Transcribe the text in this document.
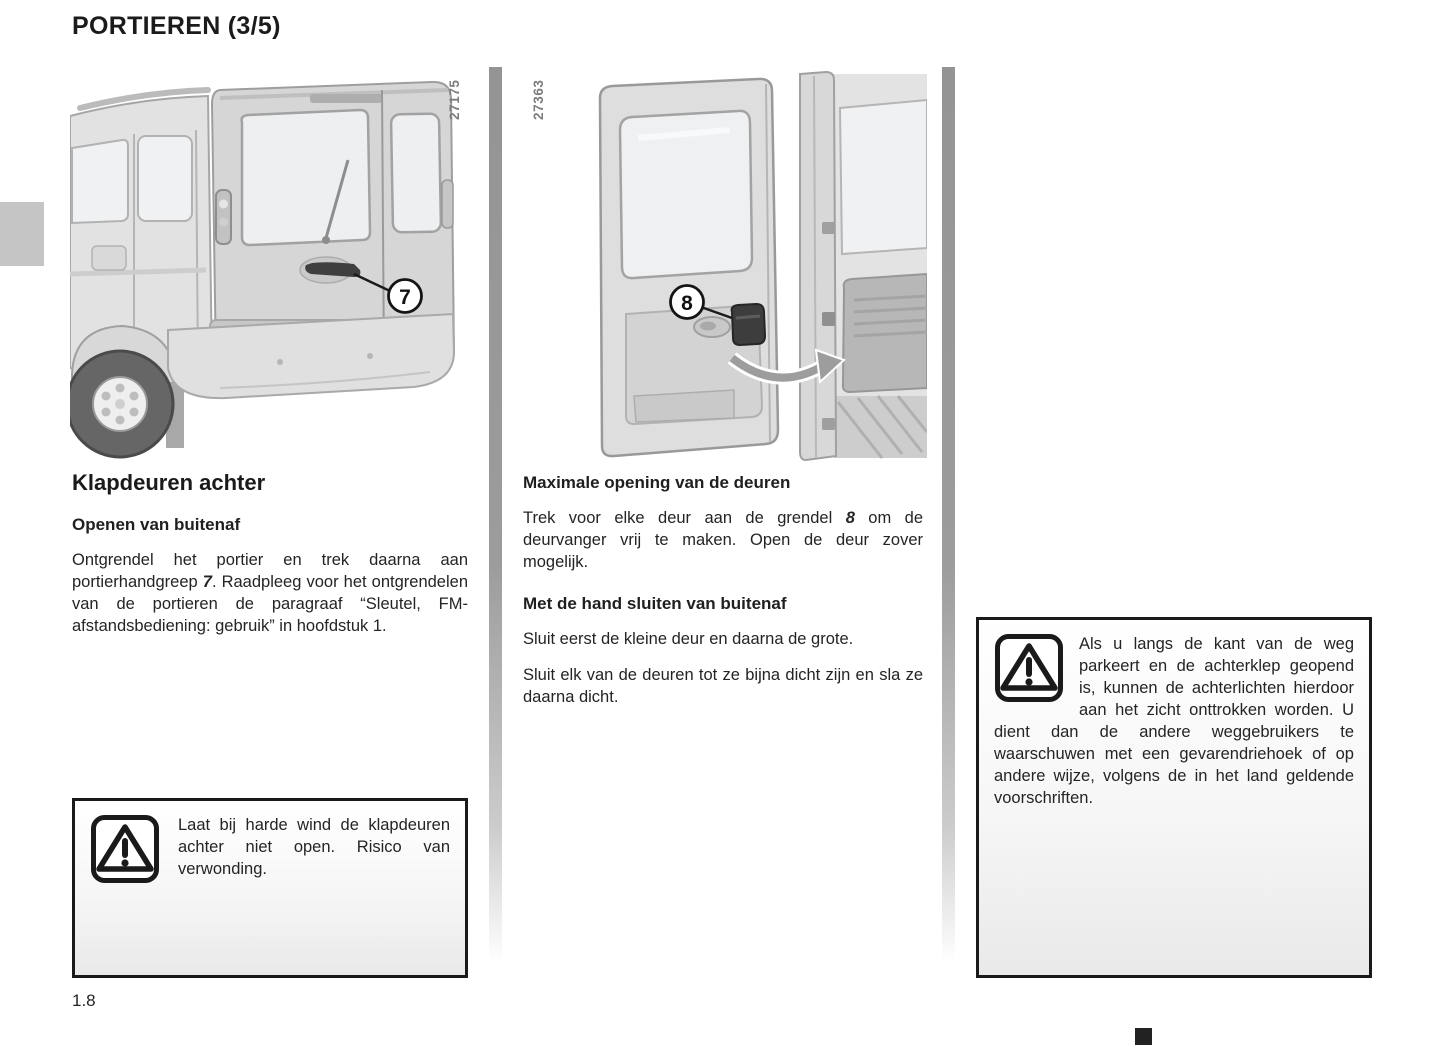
PORTIEREN (3/5)
7
27175
8
27363
Klapdeuren achter
Openen van buitenaf

Ontgrendel het portier en trek daarna aan portierhandgreep 7. Raadpleeg voor het ontgrendelen van de portieren de paragraaf “Sleutel, FM-afstandsbediening: gebruik” in hoofdstuk 1.

Maximale opening van de deuren

Trek voor elke deur aan de grendel 8 om de deurvanger vrij te maken. Open de deur zover mogelijk.

Met de hand sluiten van buitenaf

Sluit eerst de kleine deur en daarna de grote.

Sluit elk van de deuren tot ze bijna dicht zijn en sla ze daarna dicht.

Laat bij harde wind de klapdeuren achter niet open. Risico van verwonding.
Als u langs de kant van de weg parkeert en de achterklep geopend is, kunnen de achterlichten hierdoor aan het zicht onttrokken worden. U dient dan de andere weggebruikers te waarschuwen met een gevarendriehoek of op andere wijze, volgens de in het land geldende voorschriften.
1.8
